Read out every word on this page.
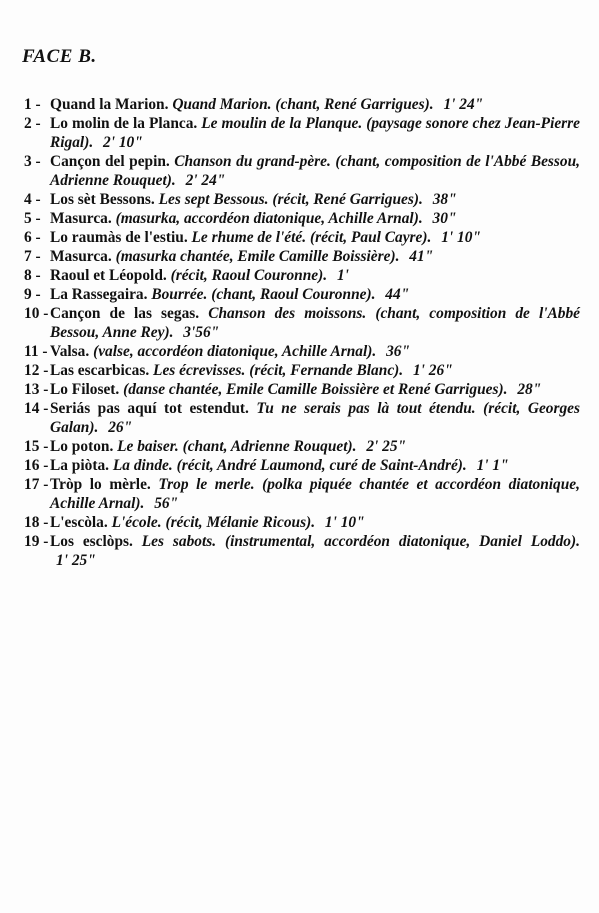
FACE B.
1 - Quand la Marion. Quand Marion. (chant, René Garrigues). 1' 24"
2 - Lo molin de la Planca. Le moulin de la Planque. (paysage sonore chez Jean-Pierre Rigal). 2' 10"
3 - Cançon del pepin. Chanson du grand-père. (chant, composition de l'Abbé Bessou, Adrienne Rouquet). 2' 24"
4 - Los sèt Bessons. Les sept Bessous. (récit, René Garrigues). 38"
5 - Masurca. (masurka, accordéon diatonique, Achille Arnal). 30"
6 - Lo raumàs de l'estiu. Le rhume de l'été. (récit, Paul Cayre). 1' 10"
7 - Masurca. (masurka chantée, Emile Camille Boissière). 41"
8 - Raoul et Léopold. (récit, Raoul Couronne). 1'
9 - La Rassegaira. Bourrée. (chant, Raoul Couronne). 44"
10 - Cançon de las segas. Chanson des moissons. (chant, composition de l'Abbé Bessou, Anne Rey). 3'56"
11 - Valsa. (valse, accordéon diatonique, Achille Arnal). 36"
12 - Las escarbicas. Les écrevisses. (récit, Fernande Blanc). 1' 26"
13 - Lo Filoset. (danse chantée, Emile Camille Boissière et René Garrigues). 28"
14 - Seriás pas aquí tot estendut. Tu ne serais pas là tout étendu. (récit, Georges Galan). 26"
15 - Lo poton. Le baiser. (chant, Adrienne Rouquet). 2' 25"
16 - La piòta. La dinde. (récit, André Laumond, curé de Saint-André). 1' 1"
17 - Tròp lo mèrle. Trop le merle. (polka piquée chantée et accordéon diatonique, Achille Arnal). 56"
18 - L'escòla. L'école. (récit, Mélanie Ricous). 1' 10"
19 - Los esclòps. Les sabots. (instrumental, accordéon diatonique, Daniel Loddo). 1' 25"
